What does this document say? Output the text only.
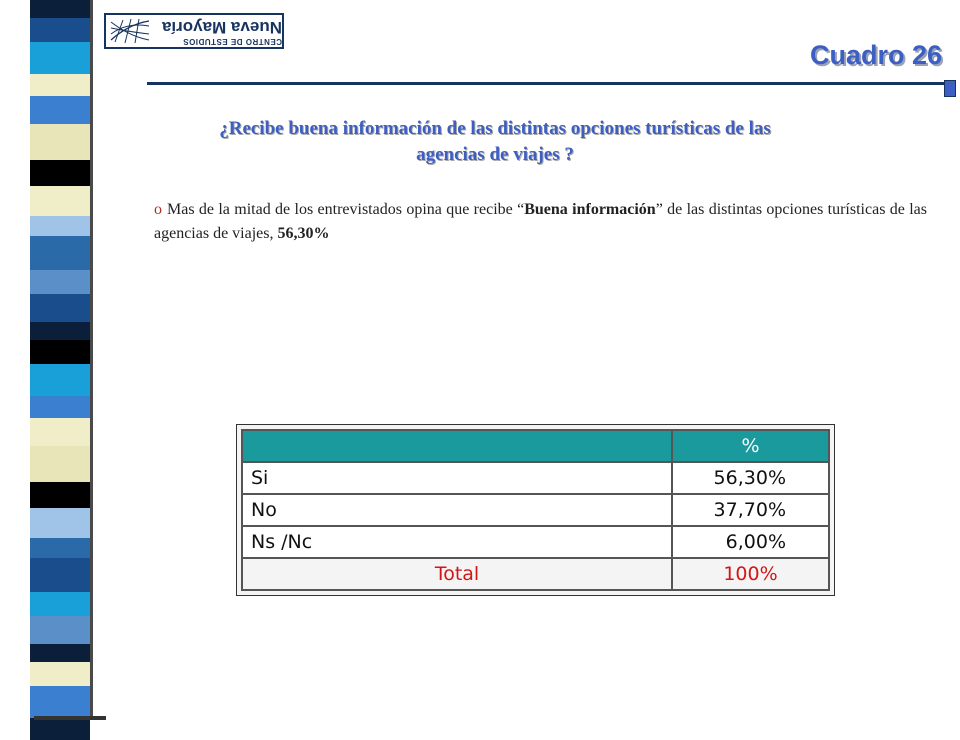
CENTRO DE ESTUDIOS
Nueva Mayoría
Cuadro 26
¿Recibe buena información de las distintas opciones turísticas de las
agencias de viajes ?
o Mas de la mitad de los entrevistados opina que recibe “Buena información” de las distintas opciones turísticas de las agencias de viajes, 56,30%
	%
Si	56,30%
No	37,70%
Ns /Nc	6,00%
Total	100%
